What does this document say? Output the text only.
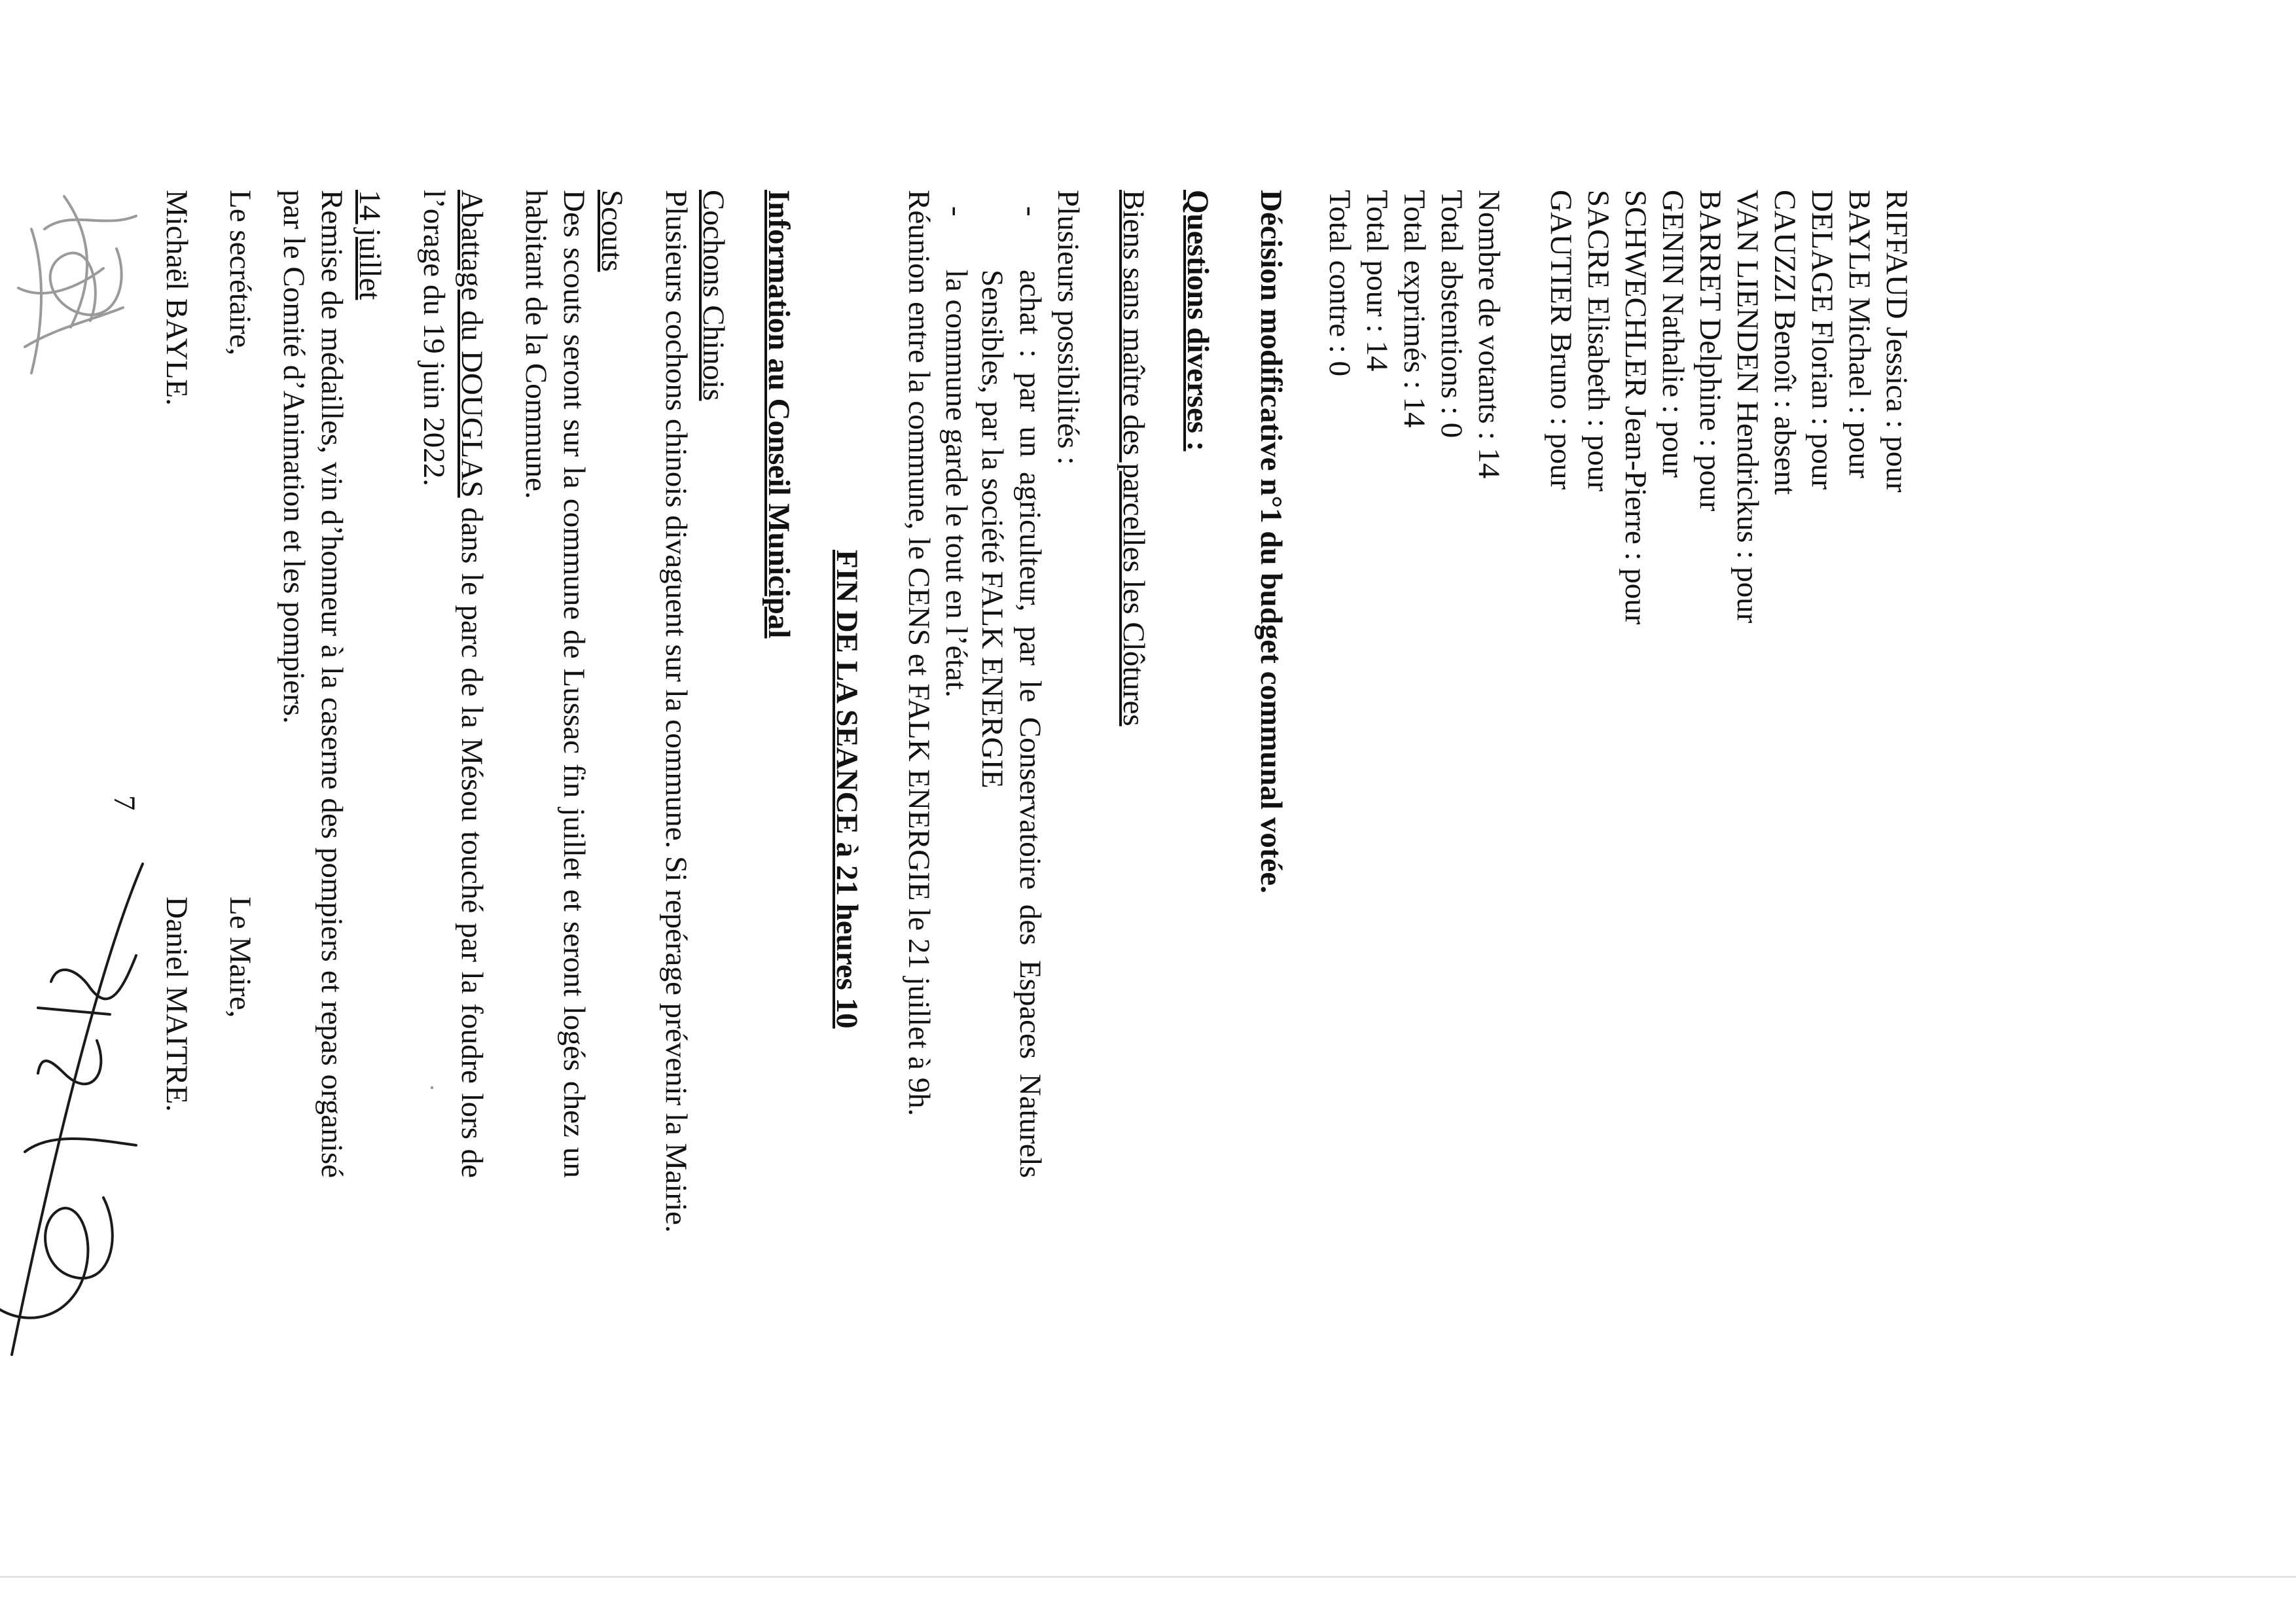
RIFFAUD Jessica : pour
BAYLE Michael : pour
DELAGE Florian : pour
CAUZZI Benoît : absent
VAN LIENDEN Hendrickus : pour
BARRET Delphine : pour
GENIN Nathalie : pour
SCHWECHLER Jean-Pierre : pour
SACRE Elisabeth : pour
GAUTIER Bruno : pour
Nombre de votants : 14
Total abstentions : 0
Total exprimés : 14
Total pour : 14
Total contre : 0
Décision modificative n°1 du budget communal votée.
Questions diverses :
Biens sans maître des parcelles les Clôtures
Plusieurs possibilités :
-
achat : par un agriculteur, par le Conservatoire des Espaces Naturels Sensibles, par la société FALK ENERGIE
-
la commune garde le tout en l’état.
Réunion entre la commune, le CENS et FALK ENERGIE le 21 juillet à 9h.
FIN DE LA SEANCE à 21 heures 10
Information au Conseil Municipal
Cochons Chinois
Plusieurs cochons chinois divaguent sur la commune. Si repérage prévenir la Mairie.
Scouts
Des scouts seront sur la commune de Lussac fin juillet et seront logés chez un habitant de la Commune.
Abattage du DOUGLAS dans le parc de la Mésou touché par la foudre lors de l’orage du 19 juin 2022.
14 juillet
Remise de médailles, vin d’honneur à la caserne des pompiers et repas organisé par le Comité d’Animation et les pompiers.
Le secrétaire,
Michaël BAYLE.
Le Maire,
Daniel MAITRE.
7
